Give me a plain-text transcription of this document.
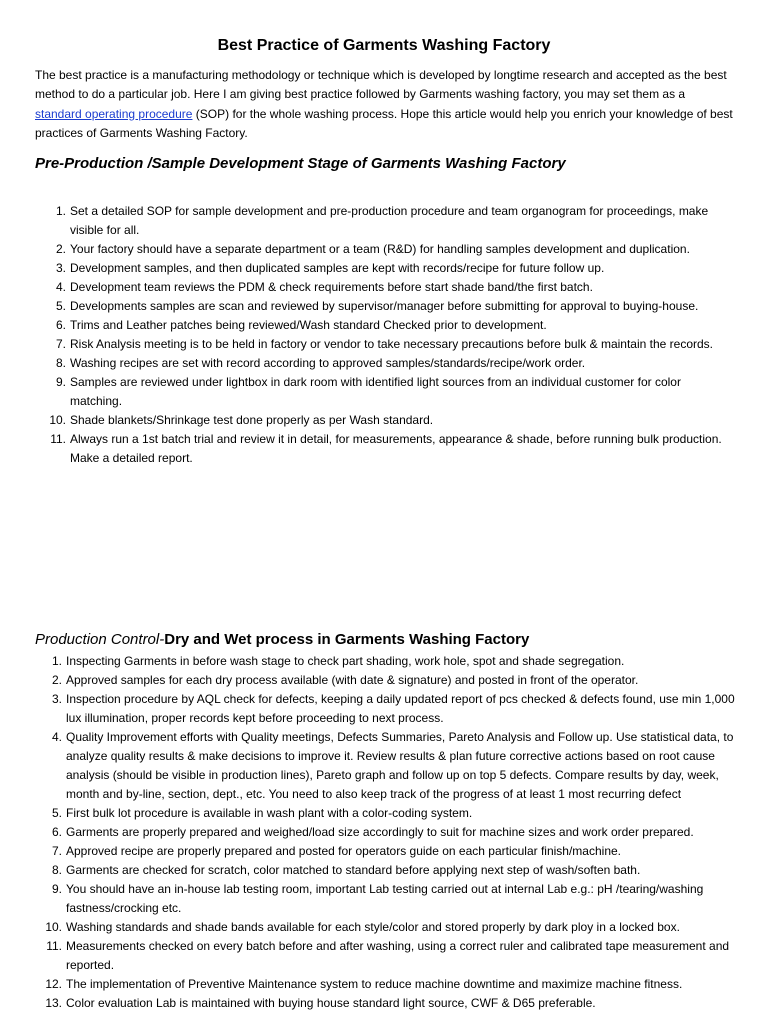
Best Practice of Garments Washing Factory

The best practice is a manufacturing methodology or technique which is developed by longtime research and accepted as the best method to do a particular job. Here I am giving best practice followed by Garments washing factory, you may set them as a standard operating procedure (SOP) for the whole washing process. Hope this article would help you enrich your knowledge of best practices of Garments Washing Factory.

Pre-Production /Sample Development Stage of Garments Washing Factory
1. Set a detailed SOP for sample development and pre-production procedure and team organogram for proceedings, make visible for all.
2. Your factory should have a separate department or a team (R&D) for handling samples development and duplication.
3. Development samples, and then duplicated samples are kept with records/recipe for future follow up.
4. Development team reviews the PDM & check requirements before start shade band/the first batch.
5. Developments samples are scan and reviewed by supervisor/manager before submitting for approval to buying-house.
6. Trims and Leather patches being reviewed/Wash standard Checked prior to development.
7. Risk Analysis meeting is to be held in factory or vendor to take necessary precautions before bulk & maintain the records.
8. Washing recipes are set with record according to approved samples/standards/recipe/work order.
9. Samples are reviewed under lightbox in dark room with identified light sources from an individual customer for color matching.
10. Shade blankets/Shrinkage test done properly as per Wash standard.
11. Always run a 1st batch trial and review it in detail, for measurements, appearance & shade, before running bulk production. Make a detailed report.
Production Control-Dry and Wet process in Garments Washing Factory
1. Inspecting Garments in before wash stage to check part shading, work hole, spot and shade segregation.
2. Approved samples for each dry process available (with date & signature) and posted in front of the operator.
3. Inspection procedure by AQL check for defects, keeping a daily updated report of pcs checked & defects found, use min 1,000 lux illumination, proper records kept before proceeding to next process.
4. Quality Improvement efforts with Quality meetings, Defects Summaries, Pareto Analysis and Follow up. Use statistical data, to analyze quality results & make decisions to improve it. Review results & plan future corrective actions based on root cause analysis (should be visible in production lines), Pareto graph and follow up on top 5 defects. Compare results by day, week, month and by-line, section, dept., etc. You need to also keep track of the progress of at least 1 most recurring defect
5. First bulk lot procedure is available in wash plant with a color-coding system.
6. Garments are properly prepared and weighed/load size accordingly to suit for machine sizes and work order prepared.
7. Approved recipe are properly prepared and posted for operators guide on each particular finish/machine.
8. Garments are checked for scratch, color matched to standard before applying next step of wash/soften bath.
9. You should have an in-house lab testing room, important Lab testing carried out at internal Lab e.g.: pH /tearing/washing fastness/crocking etc.
10. Washing standards and shade bands available for each style/color and stored properly by dark ploy in a locked box.
11. Measurements checked on every batch before and after washing, using a correct ruler and calibrated tape measurement and reported.
12. The implementation of Preventive Maintenance system to reduce machine downtime and maximize machine fitness.
13. Color evaluation Lab is maintained with buying house standard light source, CWF & D65 preferable.
